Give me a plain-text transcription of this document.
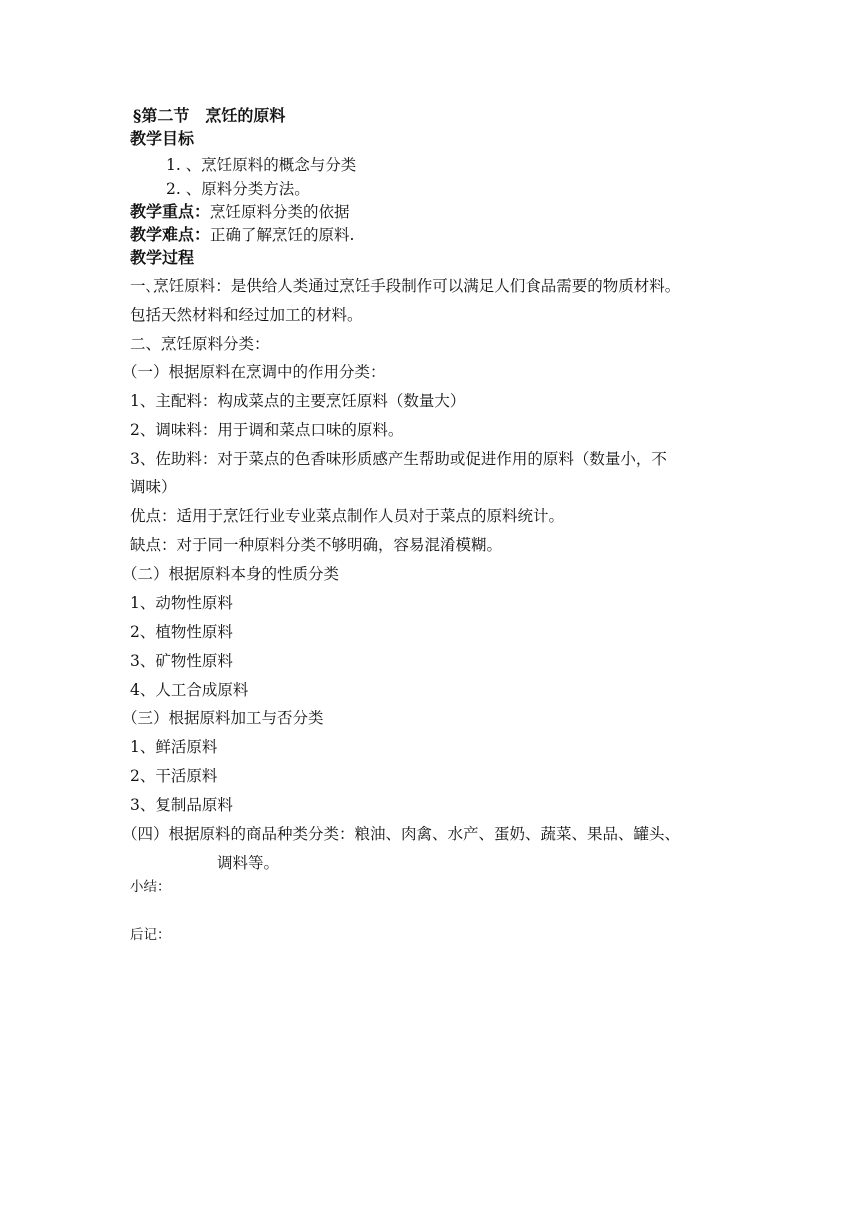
§第二节　烹饪的原料
教学目标
1. 、烹饪原料的概念与分类
2. 、原料分类方法。
教学重点：烹饪原料分类的依据
教学难点：正确了解烹饪的原料.
教学过程
一､烹饪原料：是供给人类通过烹饪手段制作可以满足人们食品需要的物质材料。
包括天然材料和经过加工的材料。
二、烹饪原料分类：
（一）根据原料在烹调中的作用分类：
1、主配料：构成菜点的主要烹饪原料（数量大）
2、调味料：用于调和菜点口味的原料。
3、佐助料：对于菜点的色香味形质感产生帮助或促进作用的原料（数量小，不
调味）
优点：适用于烹饪行业专业菜点制作人员对于菜点的原料统计。
缺点：对于同一种原料分类不够明确，容易混淆模糊。
（二）根据原料本身的性质分类
1、动物性原料
2、植物性原料
3、矿物性原料
4、人工合成原料
（三）根据原料加工与否分类
1、鲜活原料
2、干活原料
3、复制品原料
（四）根据原料的商品种类分类：粮油、肉禽、水产、蛋奶、蔬菜、果品、罐头、
调料等。
小结：
后记：
